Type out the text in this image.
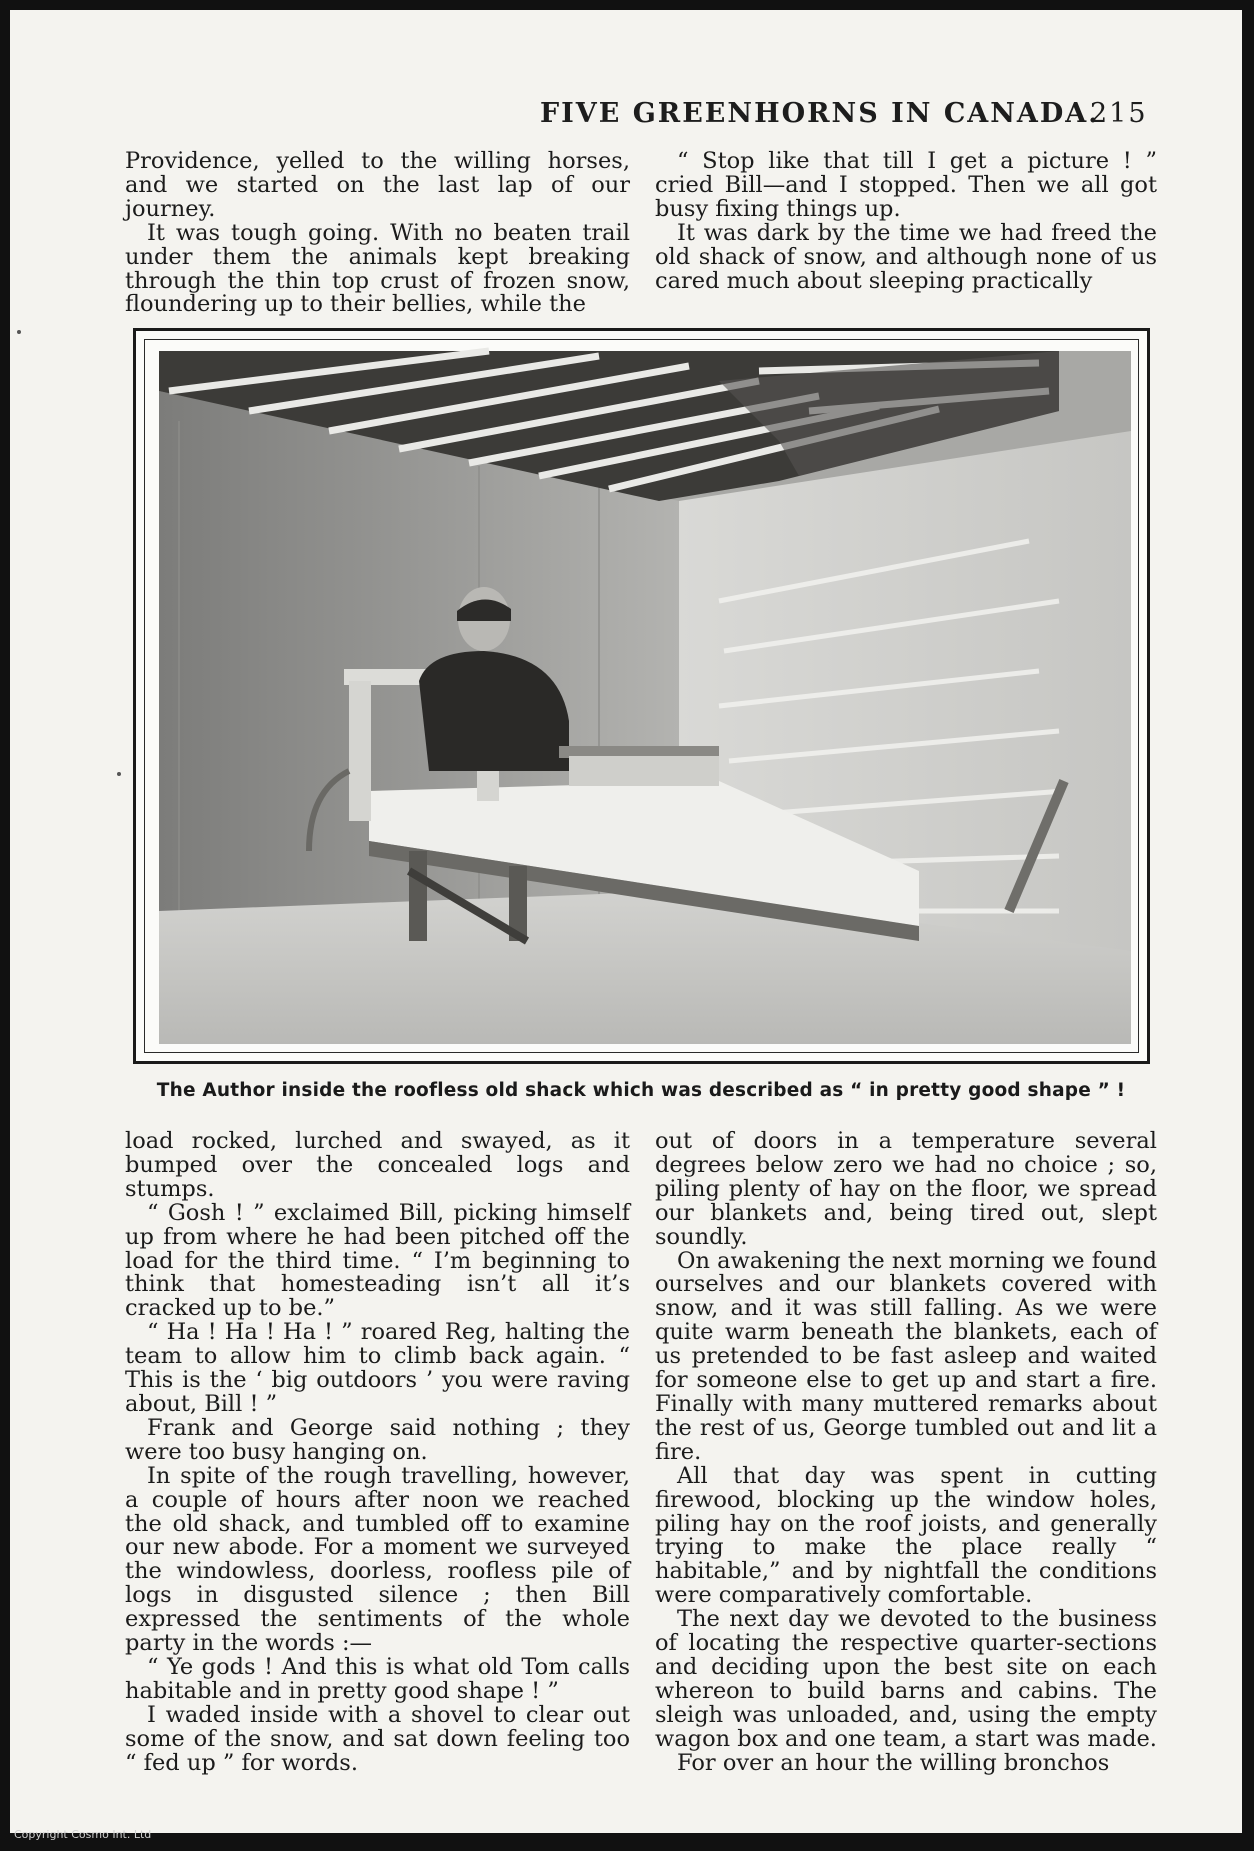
FIVE GREENHORNS IN CANADA.
215

Providence, yelled to the willing horses, and we started on the last lap of our journey.

It was tough going. With no beaten trail under them the animals kept breaking through the thin top crust of frozen snow, floundering up to their bellies, while the

“ Stop like that till I get a picture ! ” cried Bill—and I stopped. Then we all got busy fixing things up.

It was dark by the time we had freed the old shack of snow, and although none of us cared much about sleeping practically

The Author inside the roofless old shack which was described as “ in pretty good shape ” !

load rocked, lurched and swayed, as it bumped over the concealed logs and stumps.

“ Gosh ! ” exclaimed Bill, picking himself up from where he had been pitched off the load for the third time. “ I’m beginning to think that homesteading isn’t all it’s cracked up to be.”

“ Ha ! Ha ! Ha ! ” roared Reg, halting the team to allow him to climb back again. “ This is the ‘ big outdoors ’ you were raving about, Bill ! ”

Frank and George said nothing ; they were too busy hanging on.

In spite of the rough travelling, however, a couple of hours after noon we reached the old shack, and tumbled off to examine our new abode. For a moment we surveyed the windowless, doorless, roofless pile of logs in disgusted silence ; then Bill expressed the sentiments of the whole party in the words :—

“ Ye gods ! And this is what old Tom calls habitable and in pretty good shape ! ”

I waded inside with a shovel to clear out some of the snow, and sat down feeling too “ fed up ” for words.

out of doors in a temperature several degrees below zero we had no choice ; so, piling plenty of hay on the floor, we spread our blankets and, being tired out, slept soundly.

On awakening the next morning we found ourselves and our blankets covered with snow, and it was still falling. As we were quite warm beneath the blankets, each of us pretended to be fast asleep and waited for someone else to get up and start a fire. Finally with many muttered remarks about the rest of us, George tumbled out and lit a fire.

All that day was spent in cutting firewood, blocking up the window holes, piling hay on the roof joists, and generally trying to make the place really “ habitable,” and by nightfall the conditions were comparatively comfortable.

The next day we devoted to the business of locating the respective quarter-sections and deciding upon the best site on each whereon to build barns and cabins. The sleigh was unloaded, and, using the empty wagon box and one team, a start was made.

For over an hour the willing bronchos

Copyright Cosmo Int. Ltd
